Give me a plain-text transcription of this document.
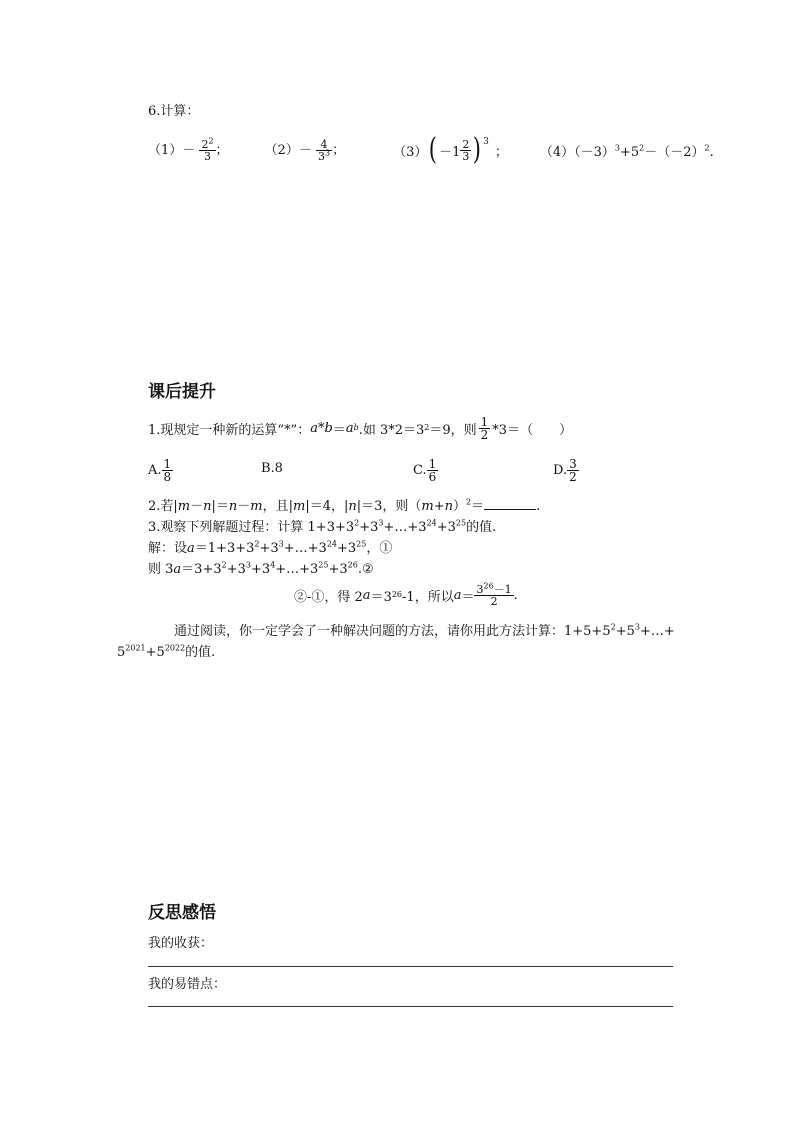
6.计算：
$(1)- \frac{2^2}{3}$ ；	$(2)- \frac{4}{3^3}$ ；	（3） ( $-1 \frac{2}{3}$ ) 3
； $(4)(-3)^3+5^2-(-2)^2$.
课后提升
1.现规定一种新的运算“*”： a * b ＝ a b .如 3*2＝3 2 ＝9，则 $\frac{1}{2} *3=$（　　）
A. $\frac{1}{8}$	B.8	C. $\frac{1}{6}$	D. $\frac{3}{2}$
2.若|m－n|＝n－m，且|m|＝4，|n|＝3，则$(m+n)^2=$	.
3.观察下列解题过程：计算 $1+3+3^2+3^3+\dots+3^{24}+3^{25}$的值.
解：设$a=1+3+3^2+3^3+\dots+3^{24}+3^{25}$，①
则 $3a=3+3^2+3^3+3^4+\dots+3^{25}+3^{26}.②$
②-①，得 2 a ＝3 26 -1，所以 $a = \frac{3^{26}-1}{2}$ .
通过阅读，你一定学会了一种解决问题的方法，请你用此方法计算：$1+5+5^2+5^3+\dots+$
$5^{2021}+5^{2022}$的值.
反思感悟
我的收获：
我的易错点：
